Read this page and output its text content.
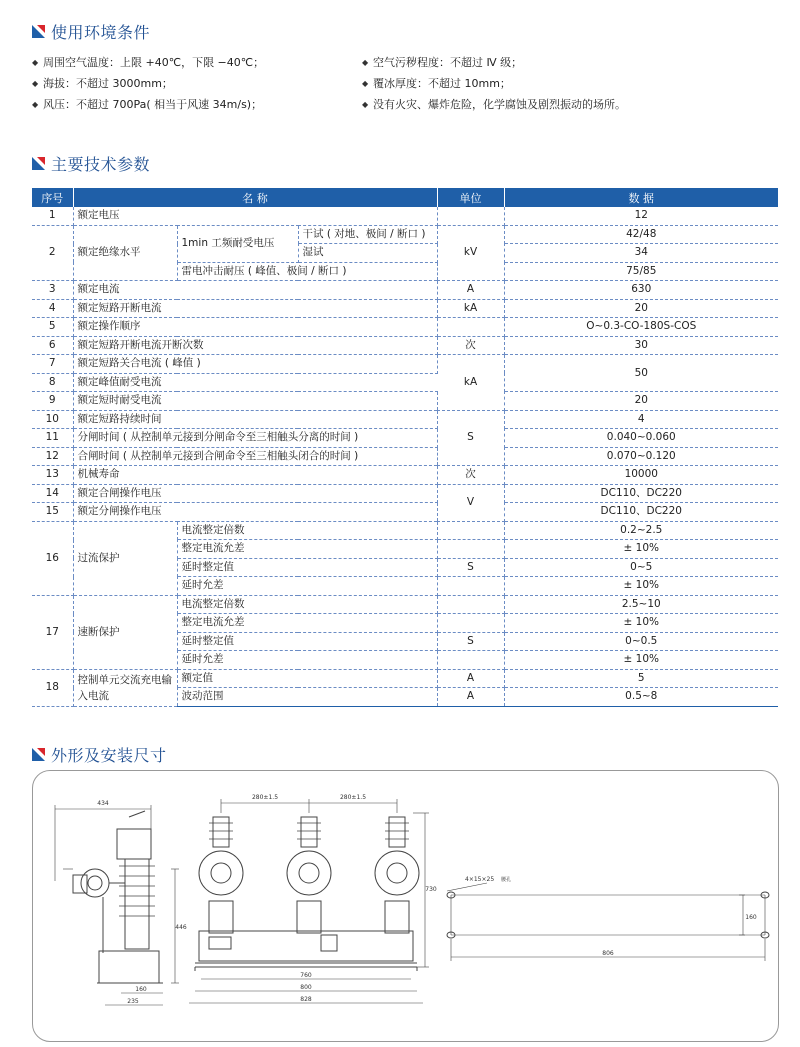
使用环境条件
◆ 周围空气温度：上限 +40℃，下限 −40℃；
◆ 海拔：不超过 3000mm；
◆ 风压：不超过 700Pa( 相当于风速 34m/s)；
◆ 空气污秽程度：不超过 Ⅳ 级；
◆ 覆冰厚度：不超过 10mm；
◆ 没有火灾、爆炸危险，化学腐蚀及剧烈振动的场所。
主要技术参数
序号	名 称			单位	数 据
1	额定电压				12
2	额定绝缘水平	1min 工频耐受电压	干试 ( 对地、极间 / 断口 )	kV	42/48
			湿试		34
		雷电冲击耐压 ( 峰值、极间 / 断口 )			75/85
3	额定电流			A	630
4	额定短路开断电流			kA	20
5	额定操作顺序				O~0.3-CO-180S-COS
6	额定短路开断电流开断次数			次	30
7	额定短路关合电流 ( 峰值 )			kA	50
8	额定峰值耐受电流				
9	额定短时耐受电流				20
10	额定短路持续时间			S	4
11	分闸时间 ( 从控制单元接到分闸命令至三相触头分离的时间 )				0.040~0.060
12	合闸时间 ( 从控制单元接到合闸命令至三相触头闭合的时间 )				0.070~0.120
13	机械寿命			次	10000
14	额定合闸操作电压			V	DC110、DC220
15	额定分闸操作电压				DC110、DC220
16	过流保护	电流整定倍数			0.2~2.5
		整定电流允差			± 10%
		延时整定值		S	0~5
		延时允差			± 10%
17	速断保护	电流整定倍数			2.5~10
		整定电流允差			± 10%
		延时整定值		S	0~0.5
		延时允差			± 10%
18	控制单元交流充电输入电流	额定值		A	5
		波动范围		A	0.5~8
外形及安装尺寸
434
446
160
235
280±1.5	280±1.5
730
760
800
828
4×15×25 腰孔
160
806
